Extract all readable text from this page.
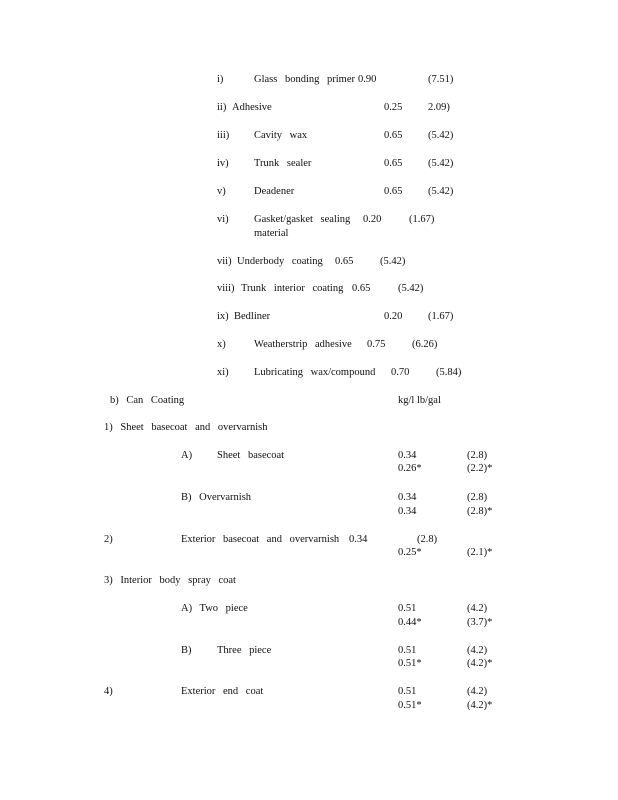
i)	Glass bonding primer 0.90	(7.51)
ii) Adhesive	0.25 2.09)
iii) Cavity wax	0.65 (5.42)
iv) Trunk sealer	0.65 (5.42)
v)	Deadener	0.65 (5.42)
vi) Gasket/gasket sealing
material
0.20	(1.67)
vii) Underbody coating 0.65	(5.42)
viii) Trunk interior coating 0.65	(5.42)
ix) Bedliner	0.20 (1.67)
x)	Weatherstrip adhesive 0.75	(6.26)
xi) Lubricating wax/compound 0.70	(5.84)
b) Can Coating	kg/l lb/gal
1) Sheet basecoat and overvarnish
A) Sheet basecoat	0.34	(2.8)
0.26*	(2.2)*
B) Overvarnish	0.34	(2.8)
0.34	(2.8)*
2)	Exterior basecoat and overvarnish 0.34	(2.8)
0.25*	(2.1)*
3) Interior body spray coat
A) Two piece	0.51	(4.2)
0.44*	(3.7)*
B) Three piece	0.51	(4.2)
0.51*	(4.2)*
4)	Exterior end coat	0.51	(4.2)
0.51*	(4.2)*
